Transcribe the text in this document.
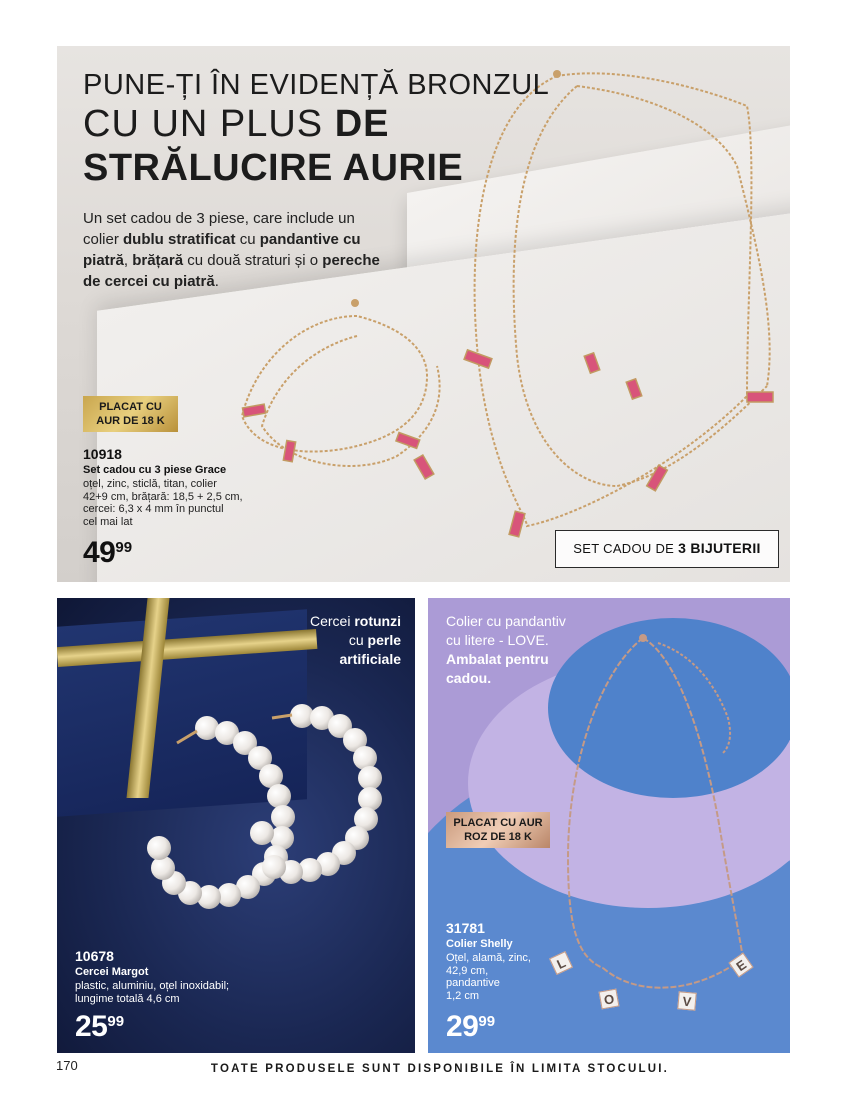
PUNE-ȚI ÎN EVIDENȚĂ BRONZUL
CU UN PLUS DE
STRĂLUCIRE AURIE

Un set cadou de 3 piese, care include un colier dublu stratificat cu pandantive cu piatră, brățară cu două straturi și o pereche de cercei cu piatră.

PLACAT CU
AUR DE 18 K
10918
Set cadou cu 3 piese Grace
oțel, zinc, sticlă, titan, colier
42+9 cm, brățară: 18,5 + 2,5 cm,
cercei: 6,3 x 4 mm în punctul
cel mai lat
4999	SET CADOU DE 3 BIJUTERII
Cercei rotunzi
cu perle
artificiale
10678
Cercei Margot
plastic, aluminiu, oțel inoxidabil;
lungime totală 4,6 cm
2599
L
O	V
E
Colier cu pandantiv
cu litere - LOVE.
Ambalat pentru
cadou.
PLACAT CU AUR
ROZ DE 18 K
31781
Colier Shelly
Oțel, alamă, zinc,
42,9 cm,
pandantive
1,2 cm
2999
170	TOATE PRODUSELE SUNT DISPONIBILE ÎN LIMITA STOCULUI.
